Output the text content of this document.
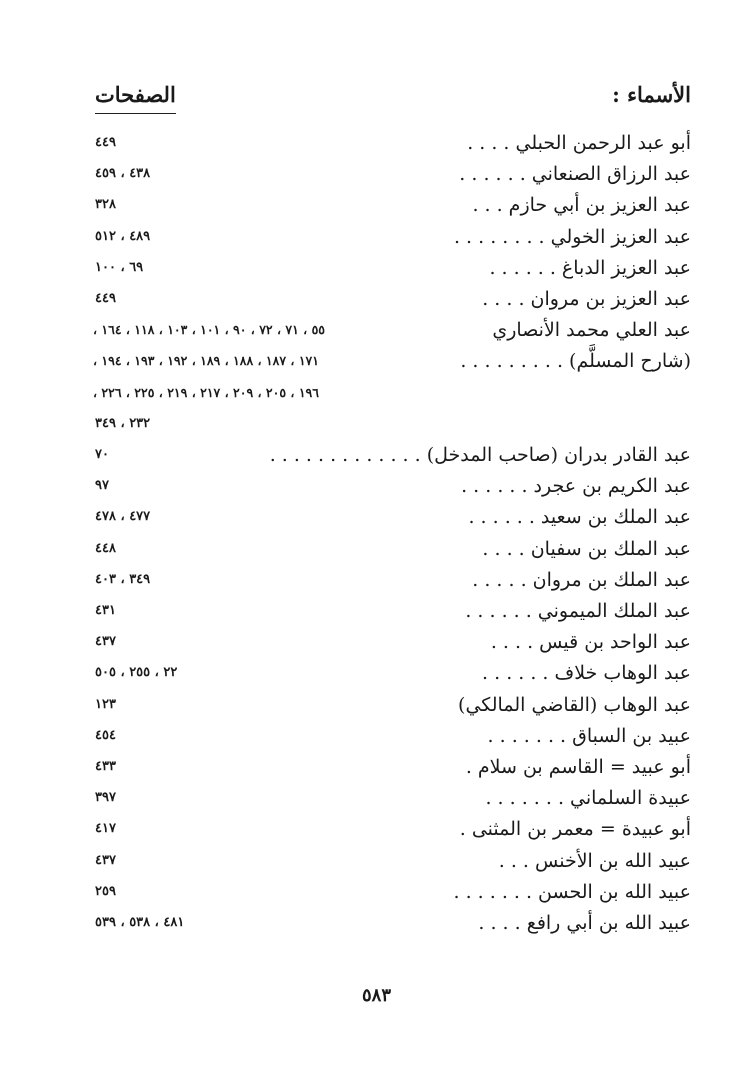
الأسماء :
الصفحات
أبو عبد الرحمن الحبلي . . . .
٤٤٩
عبد الرزاق الصنعاني . . . . . .
٤٣٨ ، ٤٥٩
عبد العزيز بن أبي حازم . . .
٣٢٨
عبد العزيز الخولي . . . . . . . .
٤٨٩ ، ٥١٢
عبد العزيز الدباغ . . . . . .
٦٩ ، ١٠٠
عبد العزيز بن مروان . . . .
٤٤٩
عبد العلي محمد الأنصاري
٥٥ ، ٧١ ، ٧٢ ، ٩٠ ، ١٠١ ، ١٠٣ ، ١١٨ ، ١٦٤ ،
(شارح المسلَّم) . . . . . . . . .
١٧١ ، ١٨٧ ، ١٨٨ ، ١٨٩ ، ١٩٢ ، ١٩٣ ، ١٩٤ ،
١٩٦ ، ٢٠٥ ، ٢٠٩ ، ٢١٧ ، ٢١٩ ، ٢٢٥ ، ٢٢٦ ،
٢٣٢ ، ٣٤٩
عبد القادر بدران (صاحب المدخل) . . . . . . . . . . . . .
٧٠
عبد الكريم بن عجرد . . . . . .
٩٧
عبد الملك بن سعيد . . . . . .
٤٧٧ ، ٤٧٨
عبد الملك بن سفيان . . . .
٤٤٨
عبد الملك بن مروان . . . . .
٣٤٩ ، ٤٠٣
عبد الملك الميموني . . . . . .
٤٣١
عبد الواحد بن قيس . . . .
٤٣٧
عبد الوهاب خلاف . . . . . .
٢٢ ، ٢٥٥ ، ٥٠٥
عبد الوهاب (القاضي المالكي)
١٢٣
عبيد بن السباق . . . . . . .
٤٥٤
أبو عبيد = القاسم بن سلام .
٤٣٣
عبيدة السلماني . . . . . . .
٣٩٧
أبو عبيدة = معمر بن المثنى .
٤١٧
عبيد الله بن الأخنس . . .
٤٣٧
عبيد الله بن الحسن . . . . . . .
٢٥٩
عبيد الله بن أبي رافع . . . .
٤٨١ ، ٥٣٨ ، ٥٣٩
٥٨٣
